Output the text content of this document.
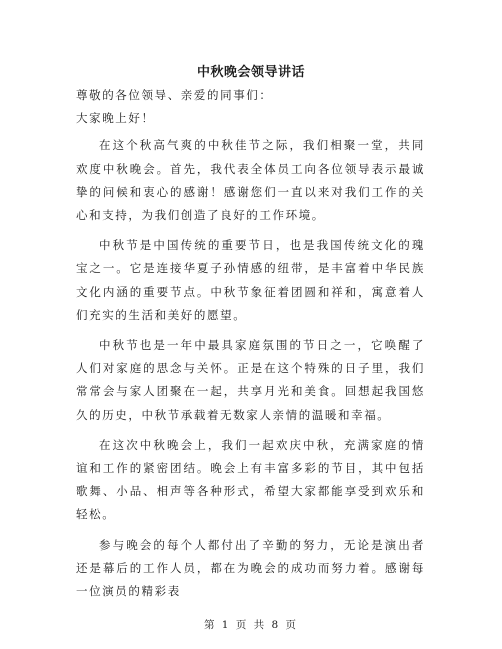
中秋晚会领导讲话

尊敬的各位领导、亲爱的同事们：

大家晚上好！

在这个秋高气爽的中秋佳节之际，我们相聚一堂，共同欢度中秋晚会。首先，我代表全体员工向各位领导表示最诚挚的问候和衷心的感谢！感谢您们一直以来对我们工作的关心和支持，为我们创造了良好的工作环境。

中秋节是中国传统的重要节日，也是我国传统文化的瑰宝之一。它是连接华夏子孙情感的纽带，是丰富着中华民族文化内涵的重要节点。中秋节象征着团圆和祥和，寓意着人们充实的生活和美好的愿望。

中秋节也是一年中最具家庭氛围的节日之一，它唤醒了人们对家庭的思念与关怀。正是在这个特殊的日子里，我们常常会与家人团聚在一起，共享月光和美食。回想起我国悠久的历史，中秋节承载着无数家人亲情的温暖和幸福。

在这次中秋晚会上，我们一起欢庆中秋，充满家庭的情谊和工作的紧密团结。晚会上有丰富多彩的节目，其中包括歌舞、小品、相声等各种形式，希望大家都能享受到欢乐和轻松。

参与晚会的每个人都付出了辛勤的努力，无论是演出者还是幕后的工作人员，都在为晚会的成功而努力着。感谢每一位演员的精彩表

第 1 页 共 8 页
